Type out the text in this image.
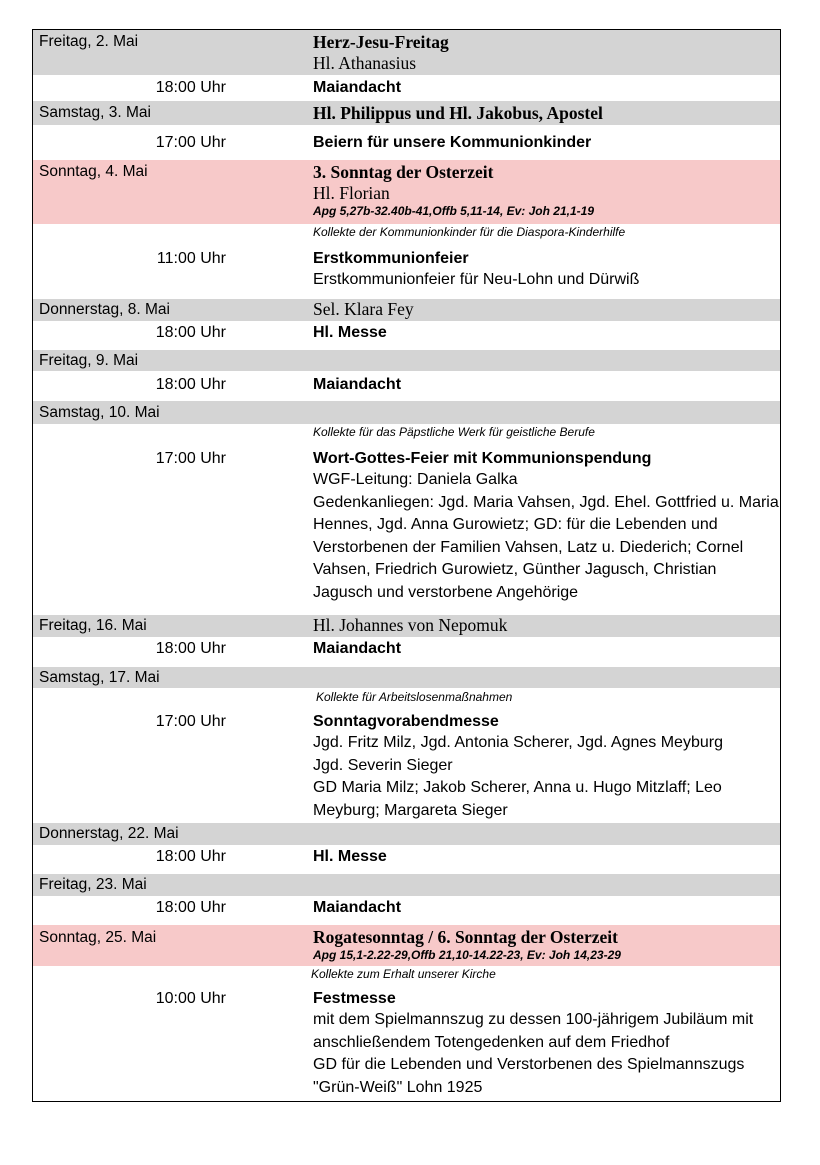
Freitag, 2. Mai	Herz-Jesu-Freitag
Hl. Athanasius
18:00 Uhr	Maiandacht
Samstag, 3. Mai	Hl. Philippus und Hl. Jakobus, Apostel
17:00 Uhr	Beiern für unsere Kommunionkinder
Sonntag, 4. Mai	3. Sonntag der Osterzeit
Hl. Florian
Apg 5,27b-32.40b-41,Offb 5,11-14, Ev: Joh 21,1-19
Kollekte der Kommunionkinder für die Diaspora-Kinderhilfe
11:00 Uhr	Erstkommunionfeier
Erstkommunionfeier für Neu-Lohn und Dürwiß
Donnerstag, 8. Mai	Sel. Klara Fey
18:00 Uhr	Hl. Messe
Freitag, 9. Mai
18:00 Uhr	Maiandacht
Samstag, 10. Mai
Kollekte für das Päpstliche Werk für geistliche Berufe
17:00 Uhr	Wort-Gottes-Feier mit Kommunionspendung
WGF-Leitung: Daniela Galka
Gedenkanliegen: Jgd. Maria Vahsen, Jgd. Ehel. Gottfried u. Maria
Hennes, Jgd. Anna Gurowietz; GD: für die Lebenden und
Verstorbenen der Familien Vahsen, Latz u. Diederich; Cornel
Vahsen, Friedrich Gurowietz, Günther Jagusch, Christian
Jagusch und verstorbene Angehörige
Freitag, 16. Mai	Hl. Johannes von Nepomuk
18:00 Uhr	Maiandacht
Samstag, 17. Mai
Kollekte für Arbeitslosenmaßnahmen
17:00 Uhr	Sonntagvorabendmesse
Jgd. Fritz Milz, Jgd. Antonia Scherer, Jgd. Agnes Meyburg
Jgd. Severin Sieger
GD Maria Milz; Jakob Scherer, Anna u. Hugo Mitzlaff; Leo
Meyburg; Margareta Sieger
Donnerstag, 22. Mai
18:00 Uhr	Hl. Messe
Freitag, 23. Mai
18:00 Uhr	Maiandacht
Sonntag, 25. Mai	Rogatesonntag / 6. Sonntag der Osterzeit
Apg 15,1-2.22-29,Offb 21,10-14.22-23, Ev: Joh 14,23-29
Kollekte zum Erhalt unserer Kirche
10:00 Uhr	Festmesse
mit dem Spielmannszug zu dessen 100-jährigem Jubiläum mit
anschließendem Totengedenken auf dem Friedhof
GD für die Lebenden und Verstorbenen des Spielmannszugs
"Grün-Weiß" Lohn 1925
